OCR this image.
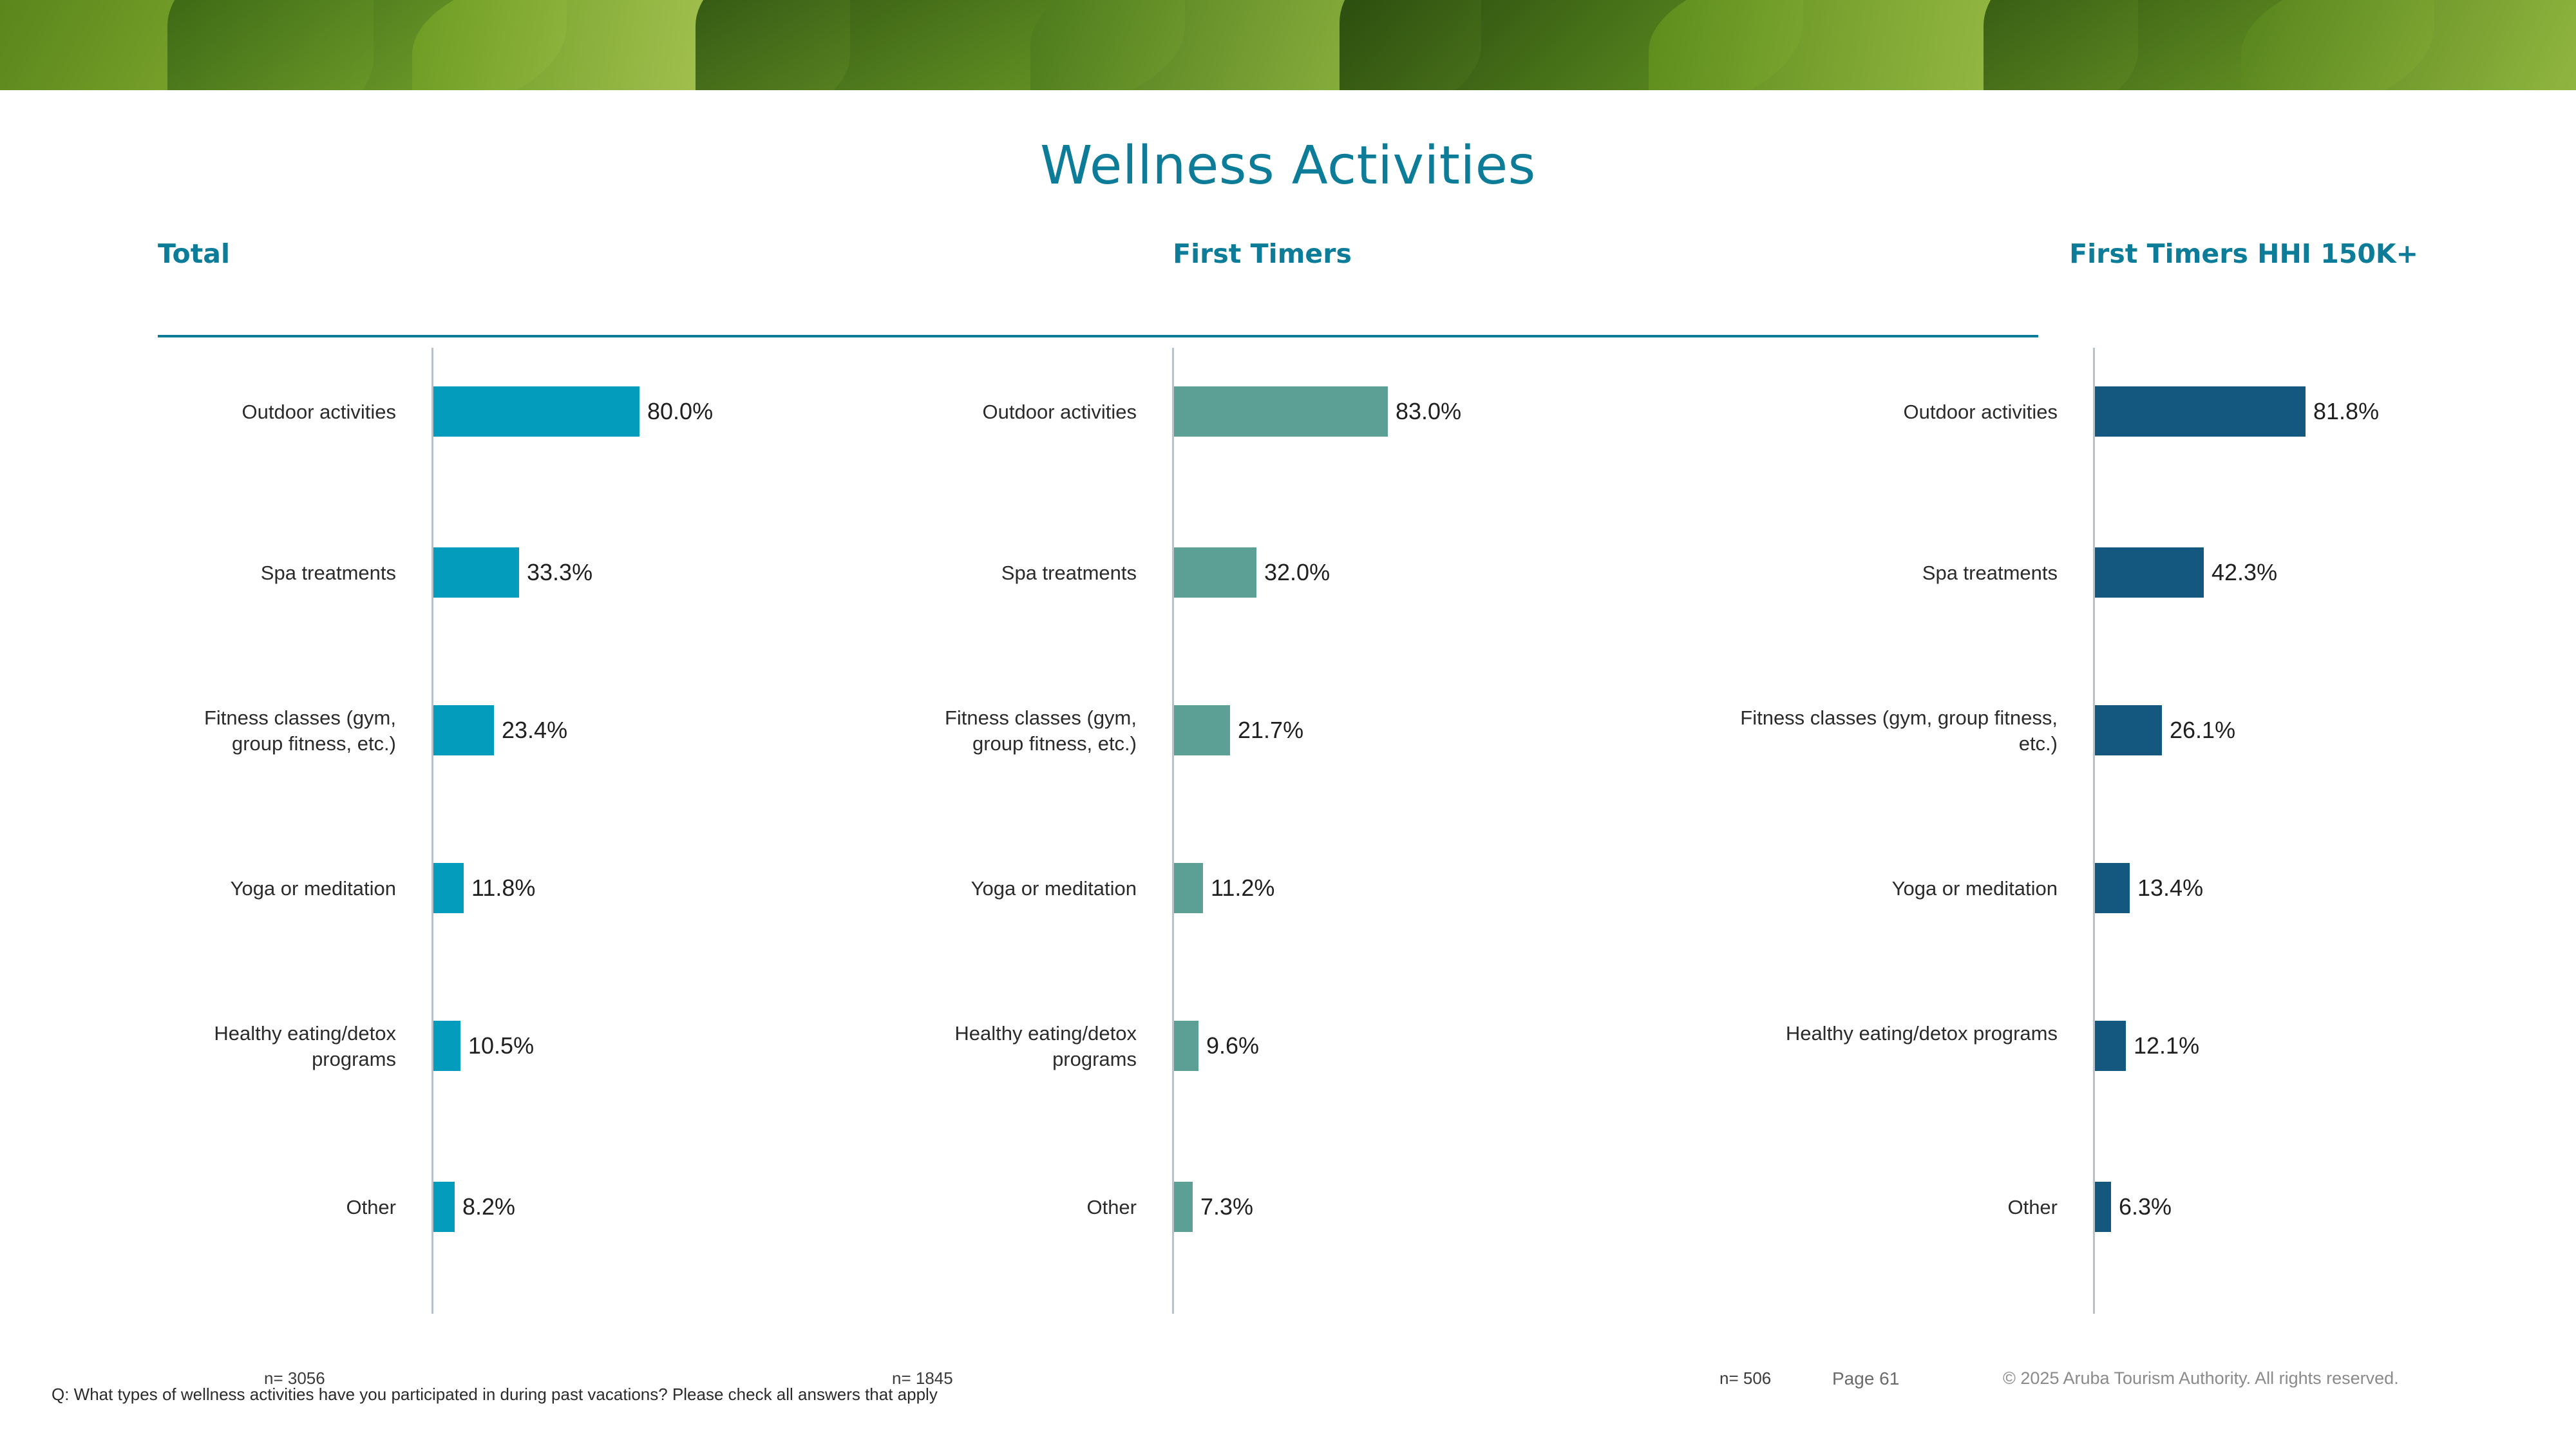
Wellness Activities
Total
Outdoor activities	80.0%
Spa treatments	33.3%
Fitness classes (gym, group fitness, etc.)
23.4%
Yoga or meditation	11.8%
Healthy eating/detox programs
10.5%
Other	8.2%
n= 3056
First Timers
Outdoor activities	83.0%
Spa treatments	32.0%
Fitness classes (gym, group fitness, etc.)
21.7%
Yoga or meditation	11.2%
Healthy eating/detox programs
9.6%
Other	7.3%
n= 1845
First Timers HHI 150K+
Outdoor activities	81.8%
Spa treatments	42.3%
Fitness classes (gym, group fitness, etc.)
26.1%
Yoga or meditation	13.4%
Healthy eating/detox programs	12.1%
Other	6.3%
n= 506
Q: What types of wellness activities have you participated in during past vacations? Please check all answers that apply
Page 61	© 2025 Aruba Tourism Authority. All rights reserved.
